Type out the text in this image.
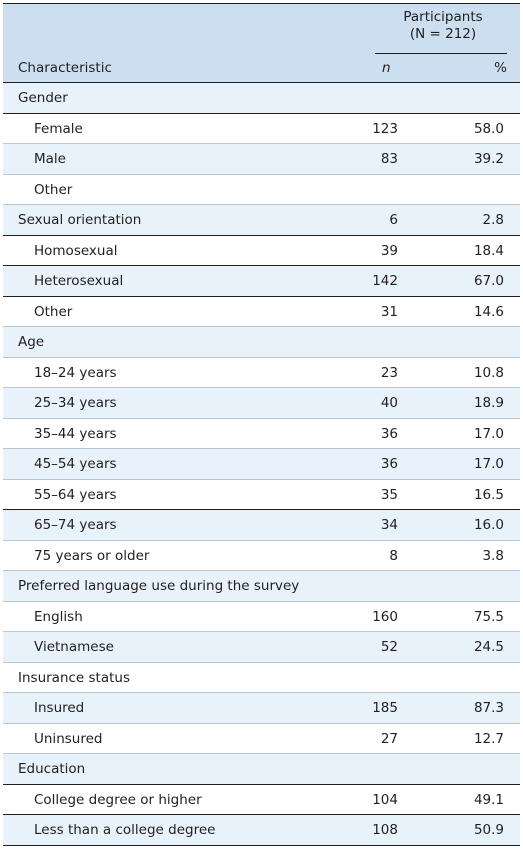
Participants
(N = 212)
Characteristic	n	%
Gender
Female	123	58.0
Male	83	39.2
Other
Sexual orientation	6	2.8
Homosexual	39	18.4
Heterosexual	142	67.0
Other	31	14.6
Age
18–24 years	23	10.8
25–34 years	40	18.9
35–44 years	36	17.0
45–54 years	36	17.0
55–64 years	35	16.5
65–74 years	34	16.0
75 years or older	8	3.8
Preferred language use during the survey
English	160	75.5
Vietnamese	52	24.5
Insurance status
Insured	185	87.3
Uninsured	27	12.7
Education
College degree or higher	104	49.1
Less than a college degree	108	50.9
